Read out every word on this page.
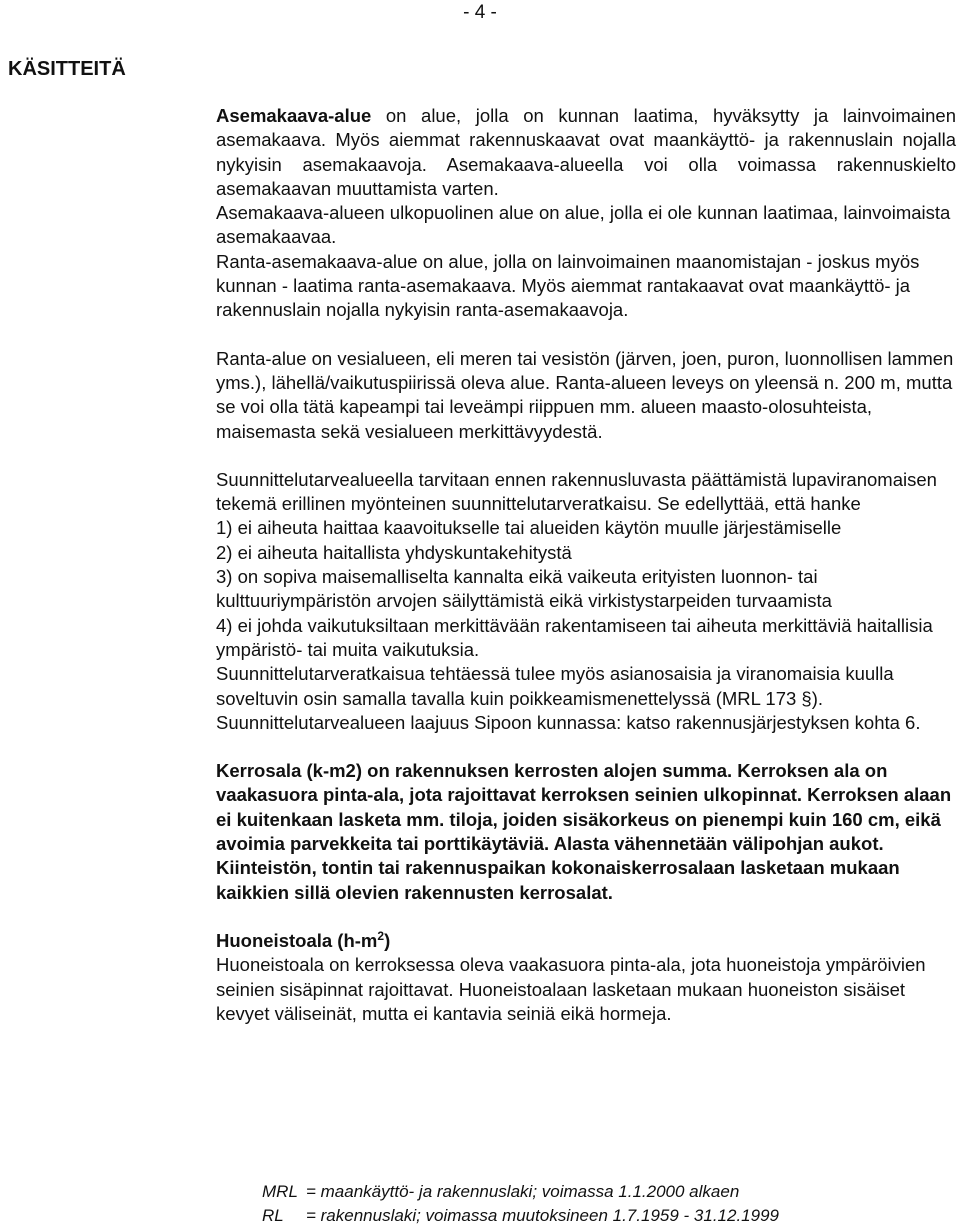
- 4 -
KÄSITTEITÄ

Asemakaava-alue on alue, jolla on kunnan laatima, hyväksytty ja lainvoimainen asemakaava. Myös aiemmat rakennuskaavat ovat maankäyttö- ja rakennuslain nojalla nykyisin asemakaavoja. Asemakaava-alueella voi olla voimassa rakennuskielto asemakaavan muuttamista varten.

Asemakaava-alueen ulkopuolinen alue on alue, jolla ei ole kunnan laatimaa, lainvoimaista asemakaavaa.

Ranta-asemakaava-alue on alue, jolla on lainvoimainen maanomistajan - joskus myös kunnan - laatima ranta-asemakaava. Myös aiemmat rantakaavat ovat maankäyttö- ja rakennuslain nojalla nykyisin ranta-asemakaavoja.

Ranta-alue on vesialueen, eli meren tai vesistön (järven, joen, puron, luonnollisen lammen yms.), lähellä/vaikutuspiirissä oleva alue. Ranta-alueen leveys on yleensä n. 200 m, mutta se voi olla tätä kapeampi tai leveämpi riippuen mm. alueen maasto-olosuhteista, maisemasta sekä vesialueen merkittävyydestä.

Suunnittelutarvealueella tarvitaan ennen rakennusluvasta päättämistä lupaviranomaisen tekemä erillinen myönteinen suunnittelutarveratkaisu. Se edellyttää, että hanke

1) ei aiheuta haittaa kaavoitukselle tai alueiden käytön muulle järjestämiselle

2) ei aiheuta haitallista yhdyskuntakehitystä

3) on sopiva maisemalliselta kannalta eikä vaikeuta erityisten luonnon- tai kulttuuriympäristön arvojen säilyttämistä eikä virkistystarpeiden turvaamista

4) ei johda vaikutuksiltaan merkittävään rakentamiseen tai aiheuta merkittäviä haitallisia ympäristö- tai muita vaikutuksia.

Suunnittelutarveratkaisua tehtäessä tulee myös asianosaisia ja viranomaisia kuulla soveltuvin osin samalla tavalla kuin poikkeamismenettelyssä (MRL 173 §). Suunnittelutarvealueen laajuus Sipoon kunnassa: katso rakennusjärjestyksen kohta 6.

Kerrosala (k-m2) on rakennuksen kerrosten alojen summa. Kerroksen ala on vaakasuora pinta-ala, jota rajoittavat kerroksen seinien ulkopinnat. Kerroksen alaan ei kuitenkaan lasketa mm. tiloja, joiden sisäkorkeus on pienempi kuin 160 cm, eikä avoimia parvekkeita tai porttikäytäviä. Alasta vähennetään välipohjan aukot. Kiinteistön, tontin tai rakennuspaikan kokonaiskerrosalaan lasketaan mukaan kaikkien sillä olevien rakennusten kerrosalat.

Huoneistoala $(h-m^2)$

Huoneistoala on kerroksessa oleva vaakasuora pinta-ala, jota huoneistoja ympäröivien seinien sisäpinnat rajoittavat. Huoneistoalaan lasketaan mukaan huoneiston sisäiset kevyet väliseinät, mutta ei kantavia seiniä eikä hormeja.

MRL = maankäyttö- ja rakennuslaki; voimassa 1.1.2000 alkaen
RL	= rakennuslaki; voimassa muutoksineen 1.7.1959 - 31.12.1999
